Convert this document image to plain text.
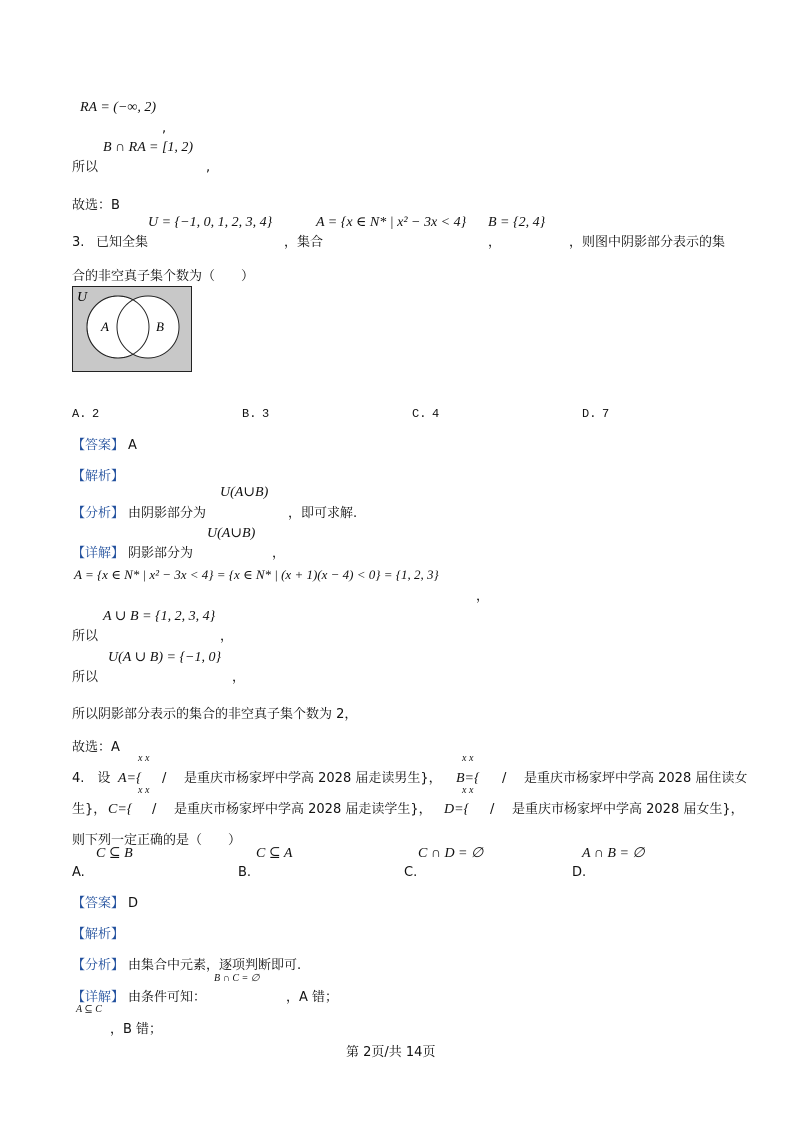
RA = (−∞, 2)
,
B ∩ RA = [1, 2)
所以	,
故选：B
U = {−1, 0, 1, 2, 3, 4}	A = {x ∈ N* | x² − 3x < 4} B = {2, 4}
3. 已知全集	，集合	，	，则图中阴影部分表示的集
合的非空真子集个数为（　　）
U
A	B
A. 2	B. 3	C. 4	D. 7
【答案】 A
【解析】
U(A∪B)
【分析】 由阴影部分为	，即可求解.
U(A∪B)
【详解】 阴影部分为	，
A = {x ∈ N* | x² − 3x < 4} = {x ∈ N* | (x + 1)(x − 4) < 0} = {1, 2, 3}
，
A ∪ B = {1, 2, 3, 4}
所以	，
U(A ∪ B) = {−1, 0}
所以	，
所以阴影部分表示的集合的非空真子集个数为 2，
故选：A
x x	x x
4.　设 A={ / 是重庆市杨家坪中学高 2028 届走读男生}， B={ / 是重庆市杨家坪中学高 2028 届住读女
x x	x x
生}， C={ / 是重庆市杨家坪中学高 2028 届走读学生}， D={ / 是重庆市杨家坪中学高 2028 届女生}，
则下列一定正确的是（　　）
C ⊆ B	C ⊆ A	C ∩ D = ∅	A ∩ B = ∅
A.	B.	C.	D.
【答案】 D
【解析】
【分析】 由集合中元素，逐项判断即可.
B ∩ C = ∅
【详解】 由条件可知：	，A 错；
A ⊆ C
，B 错；
第 2页/共 14页
